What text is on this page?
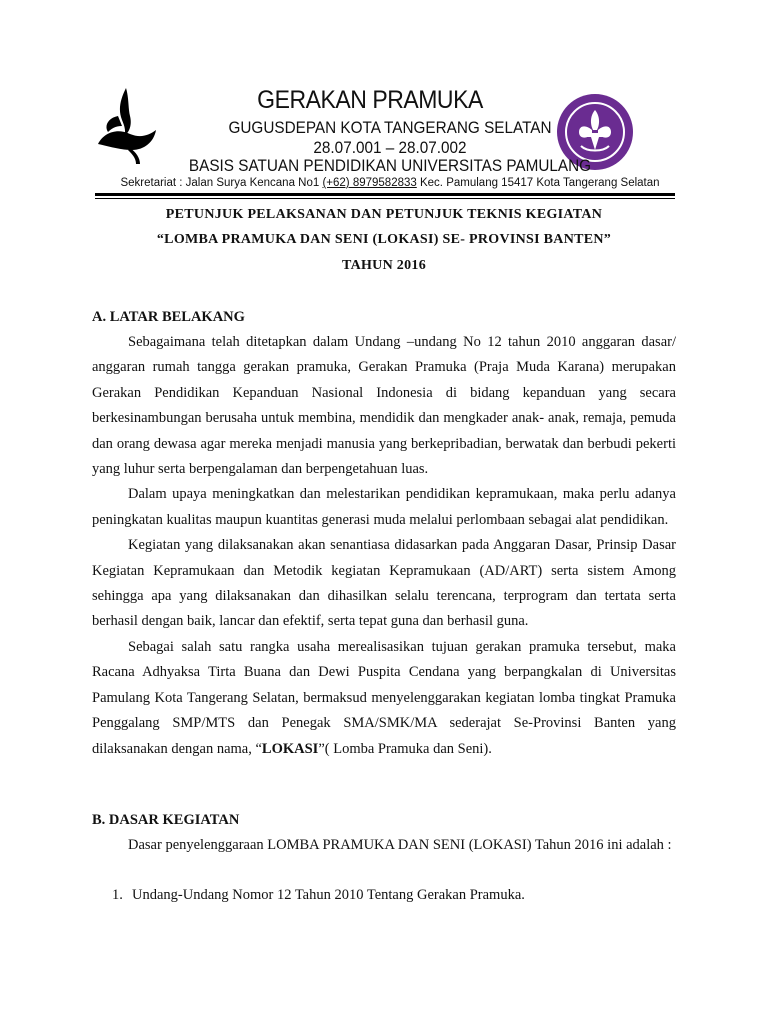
GERAKAN PRAMUKA
GUGUSDEPAN KOTA TANGERANG SELATAN
28.07.001 – 28.07.002
BASIS SATUAN PENDIDIKAN UNIVERSITAS PAMULANG
Sekretariat : Jalan Surya Kencana No1 (+62) 8979582833 Kec. Pamulang 15417 Kota Tangerang Selatan
PETUNJUK PELAKSANAN DAN PETUNJUK TEKNIS KEGIATAN
“LOMBA PRAMUKA DAN SENI (LOKASI) SE- PROVINSI BANTEN”
TAHUN 2016
A. LATAR BELAKANG

Sebagaimana telah ditetapkan dalam Undang –undang No 12 tahun 2010 anggaran dasar/ anggaran rumah tangga gerakan pramuka, Gerakan Pramuka (Praja Muda Karana) merupakan Gerakan Pendidikan Kepanduan Nasional Indonesia di bidang kepanduan yang secara berkesinambungan berusaha untuk membina, mendidik dan mengkader anak- anak, remaja, pemuda dan orang dewasa agar mereka menjadi manusia yang berkepribadian, berwatak dan berbudi pekerti yang luhur serta berpengalaman dan berpengetahuan luas.

Dalam upaya meningkatkan dan melestarikan pendidikan kepramukaan, maka perlu adanya peningkatan kualitas maupun kuantitas generasi muda melalui perlombaan sebagai alat pendidikan.

Kegiatan yang dilaksanakan akan senantiasa didasarkan pada Anggaran Dasar, Prinsip Dasar Kegiatan Kepramukaan dan Metodik kegiatan Kepramukaan (AD/ART) serta sistem Among sehingga apa yang dilaksanakan dan dihasilkan selalu terencana, terprogram dan tertata serta berhasil dengan baik, lancar dan efektif, serta tepat guna dan berhasil guna.

Sebagai salah satu rangka usaha merealisasikan tujuan gerakan pramuka tersebut, maka Racana Adhyaksa Tirta Buana dan Dewi Puspita Cendana yang berpangkalan di Universitas Pamulang Kota Tangerang Selatan, bermaksud menyelenggarakan kegiatan lomba tingkat Pramuka Penggalang SMP/MTS dan Penegak SMA/SMK/MA sederajat Se-Provinsi Banten yang dilaksanakan dengan nama, “LOKASI”( Lomba Pramuka dan Seni).

B. DASAR KEGIATAN

Dasar penyelenggaraan LOMBA PRAMUKA DAN SENI (LOKASI) Tahun 2016 ini adalah :

1. Undang-Undang Nomor 12 Tahun 2010 Tentang Gerakan Pramuka.
